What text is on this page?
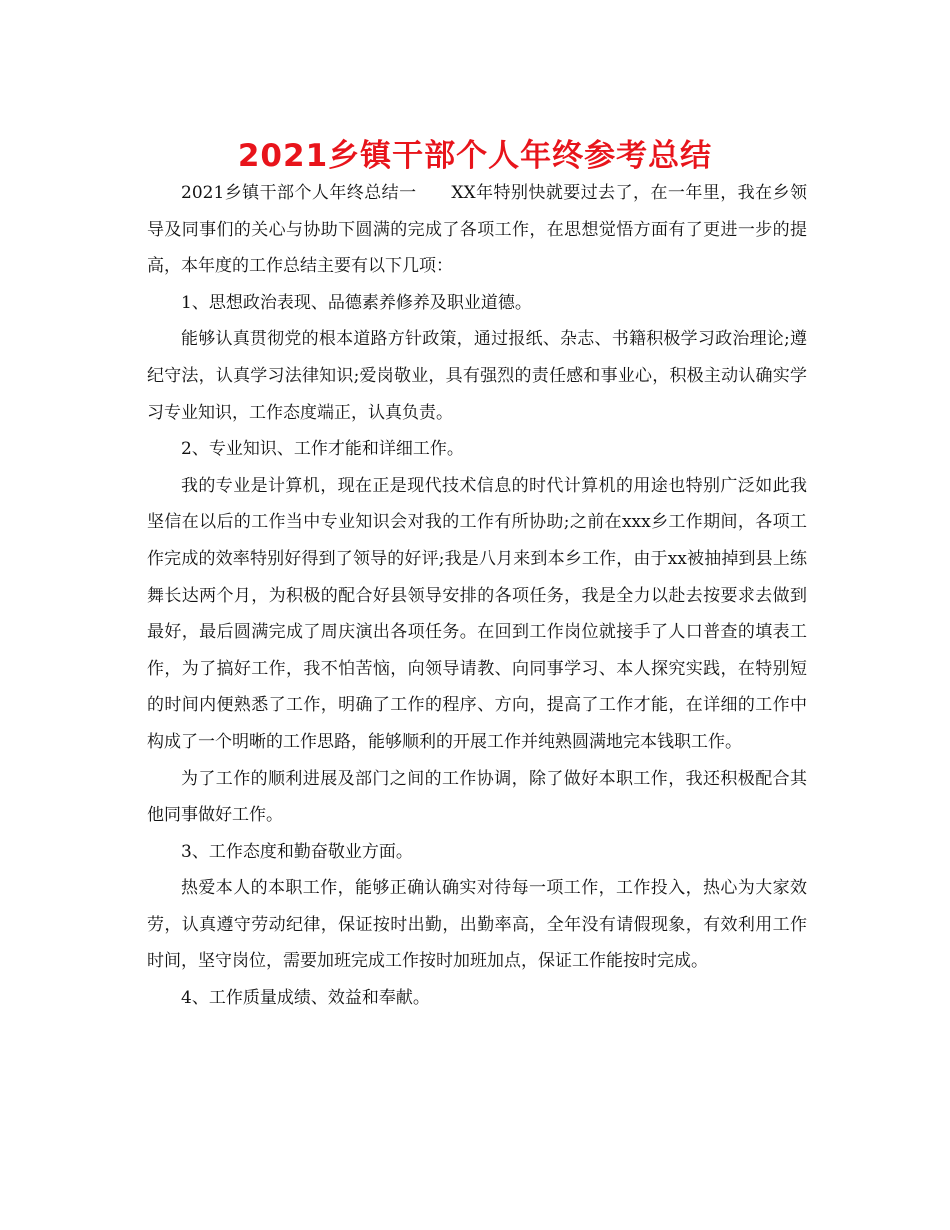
2021乡镇干部个人年终参考总结

2021乡镇干部个人年终总结一　　XX年特别快就要过去了，在一年里，我在乡领导及同事们的关心与协助下圆满的完成了各项工作，在思想觉悟方面有了更进一步的提高，本年度的工作总结主要有以下几项：

1、思想政治表现、品德素养修养及职业道德。

能够认真贯彻党的根本道路方针政策，通过报纸、杂志、书籍积极学习政治理论;遵纪守法，认真学习法律知识;爱岗敬业，具有强烈的责任感和事业心，积极主动认确实学习专业知识，工作态度端正，认真负责。

2、专业知识、工作才能和详细工作。

我的专业是计算机，现在正是现代技术信息的时代计算机的用途也特别广泛如此我坚信在以后的工作当中专业知识会对我的工作有所协助;之前在xxx乡工作期间，各项工作完成的效率特别好得到了领导的好评;我是八月来到本乡工作，由于xx被抽掉到县上练舞长达两个月，为积极的配合好县领导安排的各项任务，我是全力以赴去按要求去做到最好，最后圆满完成了周庆演出各项任务。在回到工作岗位就接手了人口普查的填表工作，为了搞好工作，我不怕苦恼，向领导请教、向同事学习、本人探究实践，在特别短的时间内便熟悉了工作，明确了工作的程序、方向，提高了工作才能，在详细的工作中构成了一个明晰的工作思路，能够顺利的开展工作并纯熟圆满地完本钱职工作。

为了工作的顺利进展及部门之间的工作协调，除了做好本职工作，我还积极配合其他同事做好工作。

3、工作态度和勤奋敬业方面。

热爱本人的本职工作，能够正确认确实对待每一项工作，工作投入，热心为大家效劳，认真遵守劳动纪律，保证按时出勤，出勤率高，全年没有请假现象，有效利用工作时间，坚守岗位，需要加班完成工作按时加班加点，保证工作能按时完成。

4、工作质量成绩、效益和奉献。
